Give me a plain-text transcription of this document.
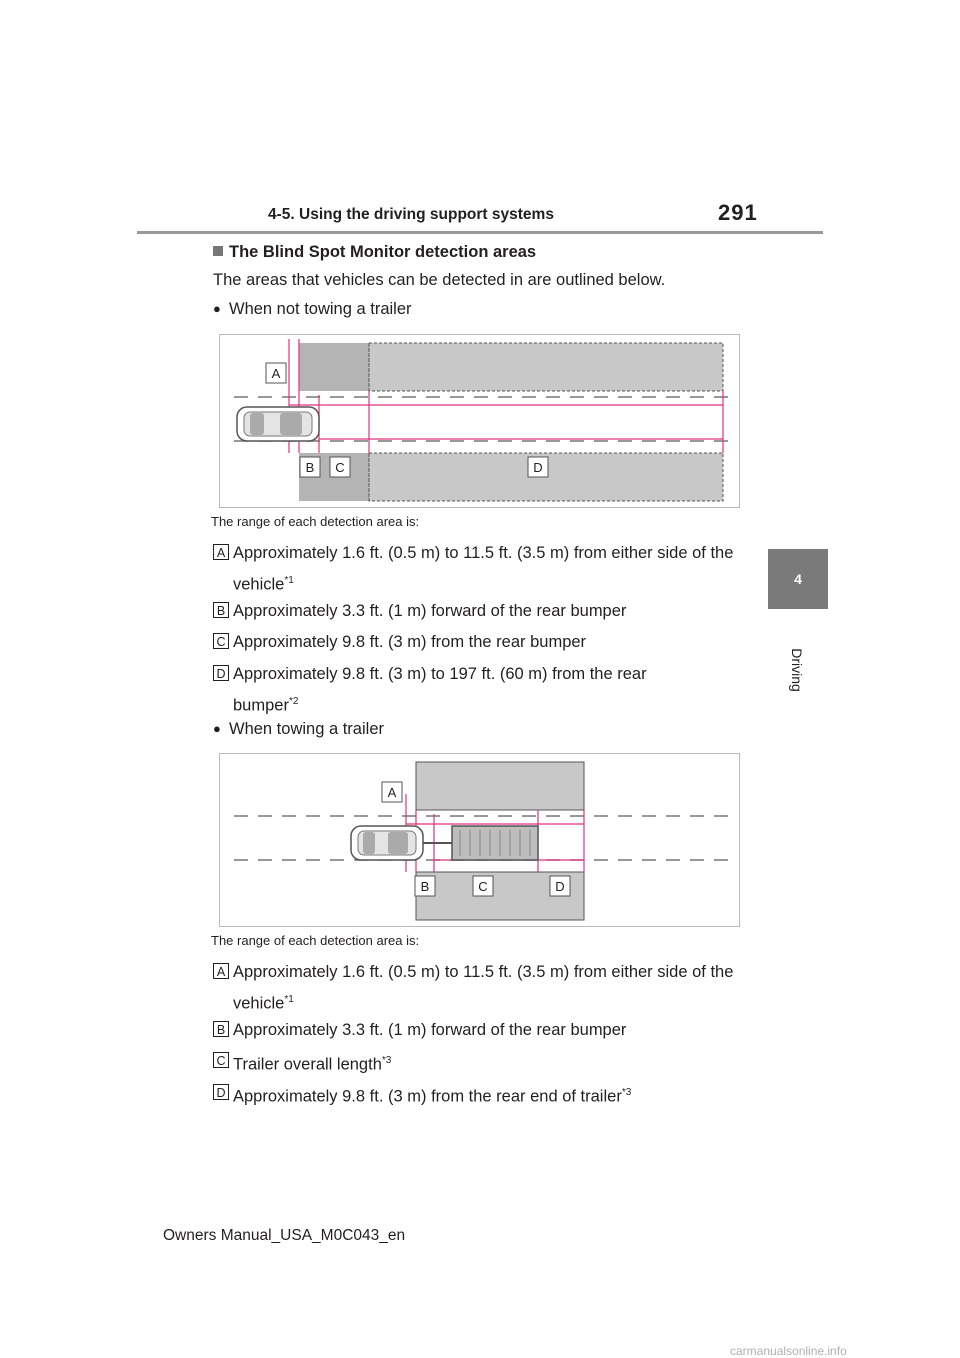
4-5. Using the driving support systems	291
4
Driving
The Blind Spot Monitor detection areas
The areas that vehicles can be detected in are outlined below.
● When not towing a trailer
A
B C	D
The range of each detection area is:
A Approximately 1.6 ft. (0.5 m) to 11.5 ft. (3.5 m) from either side of the vehicle$^{*1}$
B Approximately 3.3 ft. (1 m) forward of the rear bumper
C Approximately 9.8 ft. (3 m) from the rear bumper
D Approximately 9.8 ft. (3 m) to 197 ft. (60 m) from the rear bumper$^{*2}$
● When towing a trailer
A
B	C	D
The range of each detection area is:
A Approximately 1.6 ft. (0.5 m) to 11.5 ft. (3.5 m) from either side of the vehicle$^{*1}$
B Approximately 3.3 ft. (1 m) forward of the rear bumper
C Trailer overall length$^{*3}$
D Approximately 9.8 ft. (3 m) from the rear end of trailer$^{*3}$
Owners Manual_USA_M0C043_en
carmanualsonline.info
